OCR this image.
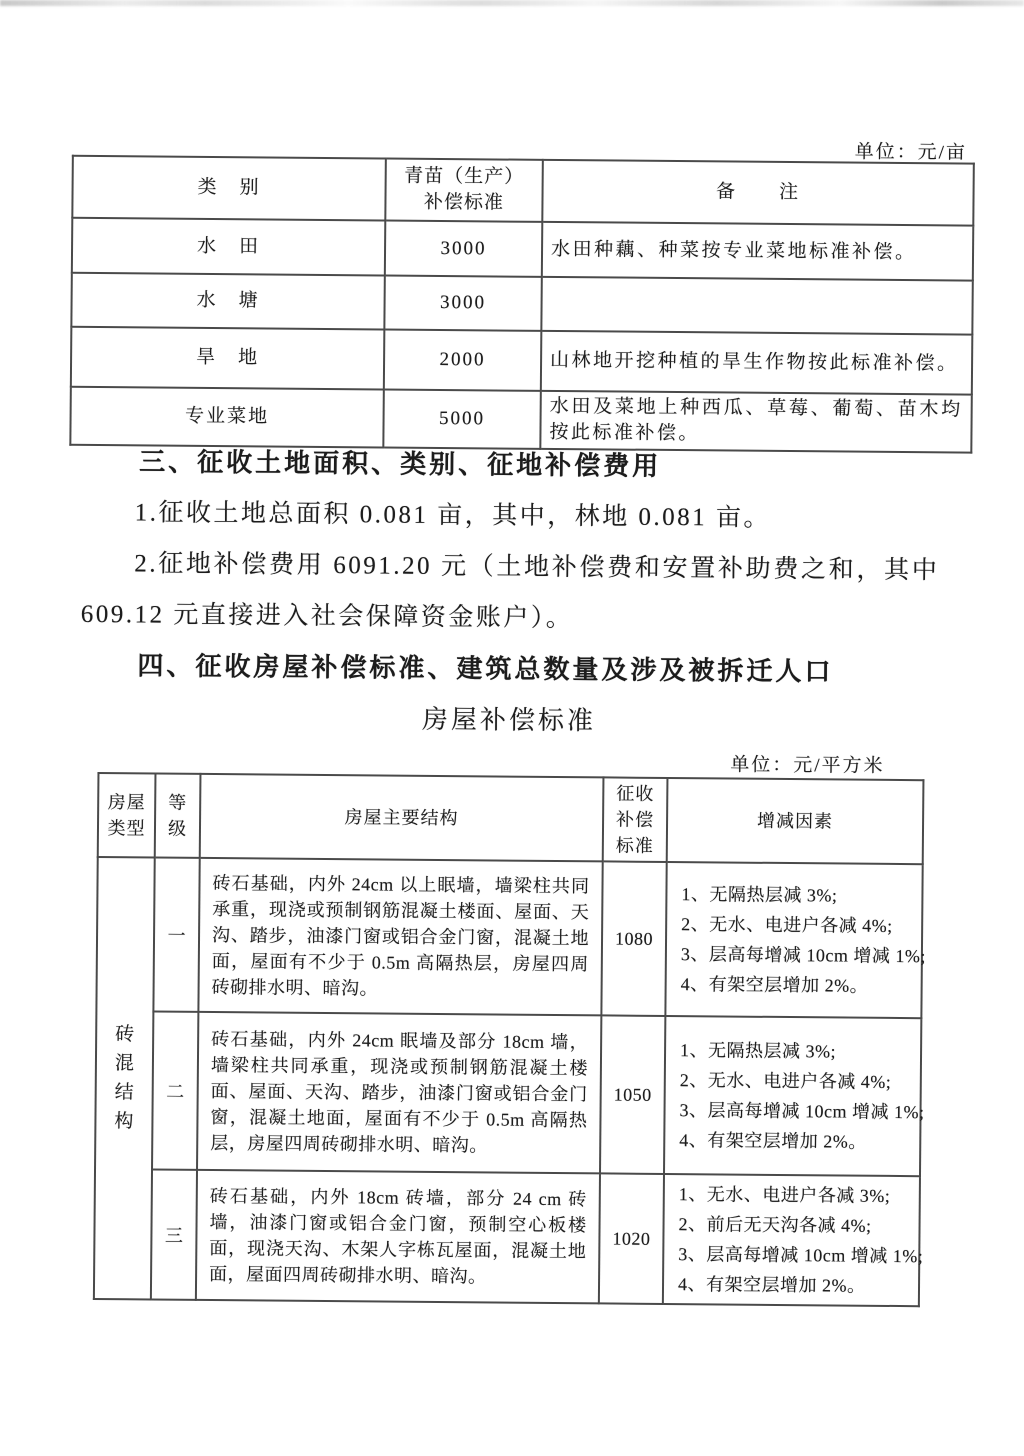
单位：元/亩
类　别	青苗（生产）补偿标准	备　　注
水　田	3000	水田种藕、种菜按专业菜地标准补偿。
水　塘	3000	
旱　地	2000	山林地开挖种植的旱生作物按此标准补偿。
专业菜地	5000	水田及菜地上种西瓜、草莓、葡萄、苗木均按此标准补偿。

三、征收土地面积、类别、征地补偿费用

1.征收土地总面积 0.081 亩，其中，林地 0.081 亩。

2.征地补偿费用 6091.20 元（土地补偿费和安置补助费之和，其中 609.12 元直接进入社会保障资金账户）。

四、征收房屋补偿标准、建筑总数量及涉及被拆迁人口

房屋补偿标准

单位：元/平方米
房屋类型	等级	房屋主要结构	征收补偿标准	增减因素

砖混结构	一	砖石基础，内外 24cm 以上眠墙，墙梁柱共同承重，现浇或预制钢筋混凝土楼面、屋面、天沟、踏步，油漆门窗或铝合金门窗，混凝土地面，屋面有不少于 0.5m 高隔热层，房屋四周砖砌排水明、暗沟。	1080	1、无隔热层减 3%;
2、无水、电进户各减 4%;
3、层高每增减 10cm 增减 1%;
4、有架空层增加 2%。

	二	砖石基础，内外 24cm 眠墙及部分 18cm 墙，墙梁柱共同承重，现浇或预制钢筋混凝土楼面、屋面、天沟、踏步，油漆门窗或铝合金门窗，混凝土地面，屋面有不少于 0.5m 高隔热层，房屋四周砖砌排水明、暗沟。	1050	1、无隔热层减 3%;
2、无水、电进户各减 4%;
3、层高每增减 10cm 增减 1%;
4、有架空层增加 2%。

	三	砖石基础，内外 18cm 砖墙，部分 24 cm 砖墙，油漆门窗或铝合金门窗，预制空心板楼面，现浇天沟、木架人字栋瓦屋面，混凝土地面，屋面四周砖砌排水明、暗沟。	1020	1、无水、电进户各减 3%;
2、前后无天沟各减 4%;
3、层高每增减 10cm 增减 1%;
4、有架空层增加 2%。
